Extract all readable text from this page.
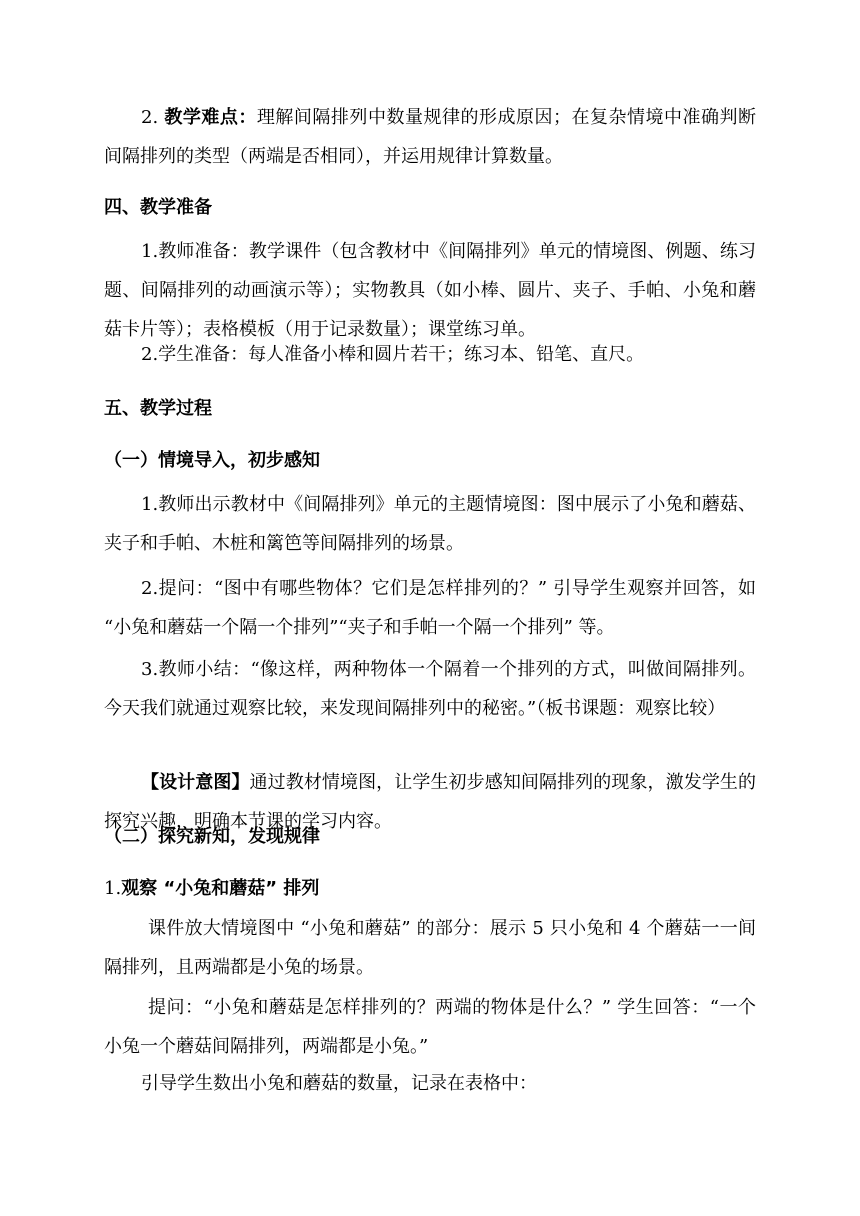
2. 教学难点：理解间隔排列中数量规律的形成原因；在复杂情境中准确判断间隔排列的类型（两端是否相同），并运用规律计算数量。

四、教学准备

1.教师准备：教学课件（包含教材中《间隔排列》单元的情境图、例题、练习题、间隔排列的动画演示等）；实物教具（如小棒、圆片、夹子、手帕、小兔和蘑菇卡片等）；表格模板（用于记录数量）；课堂练习单。

2.学生准备：每人准备小棒和圆片若干；练习本、铅笔、直尺。

五、教学过程
（一）情境导入，初步感知

1.教师出示教材中《间隔排列》单元的主题情境图：图中展示了小兔和蘑菇、夹子和手帕、木桩和篱笆等间隔排列的场景。

2.提问：“图中有哪些物体？它们是怎样排列的？” 引导学生观察并回答，如 “小兔和蘑菇一个隔一个排列”“夹子和手帕一个隔一个排列” 等。

3.教师小结：“像这样，两种物体一个隔着一个排列的方式，叫做间隔排列。今天我们就通过观察比较，来发现间隔排列中的秘密。”（板书课题：观察比较）

【设计意图】通过教材情境图，让学生初步感知间隔排列的现象，激发学生的探究兴趣，明确本节课的学习内容。

（二）探究新知，发现规律
1.观察 “小兔和蘑菇” 排列

课件放大情境图中 “小兔和蘑菇” 的部分：展示 5 只小兔和 4 个蘑菇一一间隔排列，且两端都是小兔的场景。

提问：“小兔和蘑菇是怎样排列的？两端的物体是什么？” 学生回答：“一个小兔一个蘑菇间隔排列，两端都是小兔。”

引导学生数出小兔和蘑菇的数量，记录在表格中：
